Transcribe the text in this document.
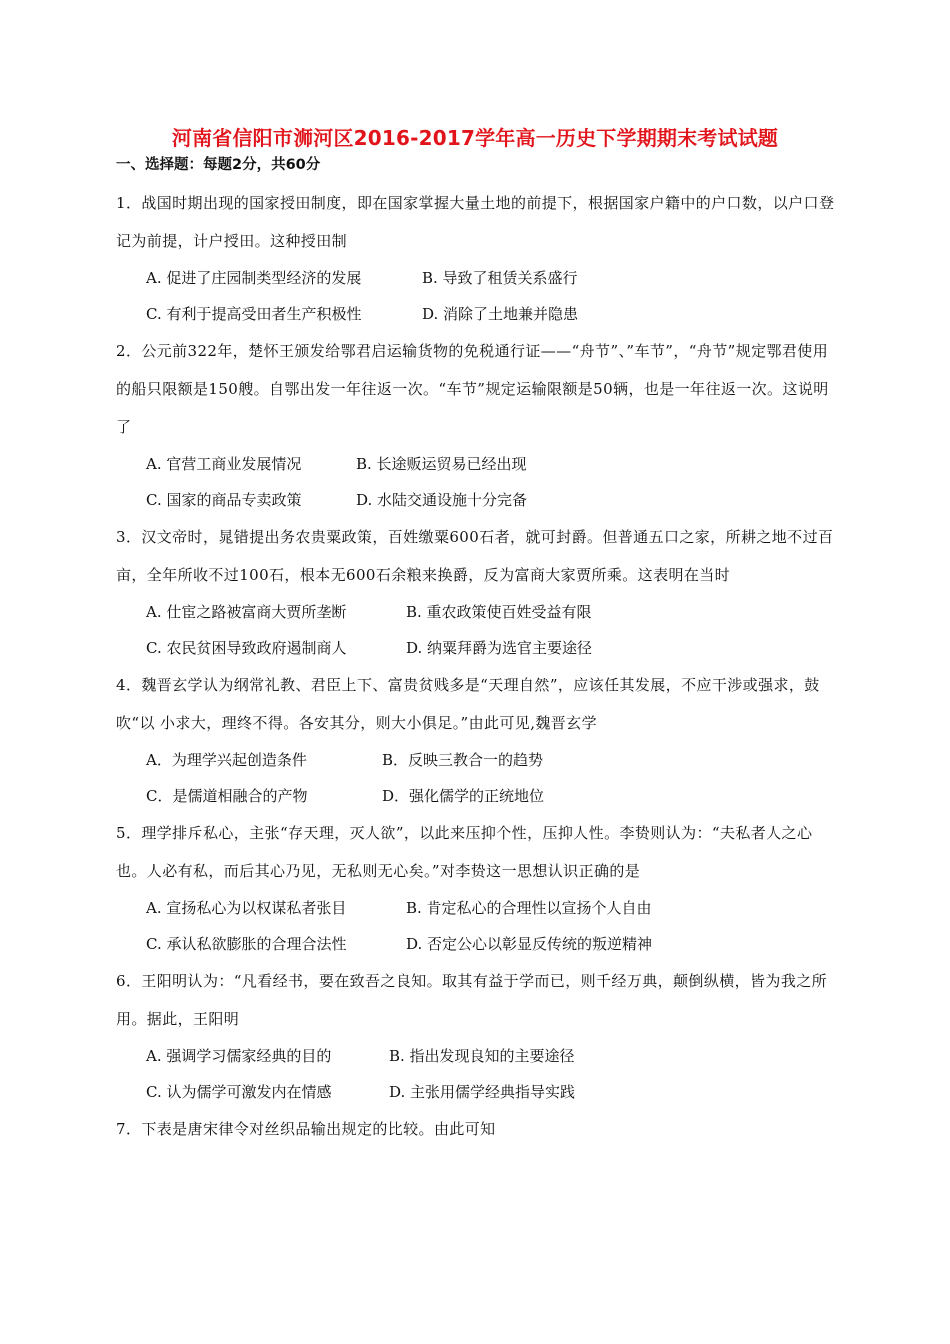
河南省信阳市浉河区2016-2017学年高一历史下学期期末考试试题
一、选择题：每题2分，共60分

1．战国时期出现的国家授田制度，即在国家掌握大量土地的前提下，根据国家户籍中的户口数，以户口登记为前提，计户授田。这种授田制

A. 促进了庄园制类型经济的发展	B. 导致了租赁关系盛行
C. 有利于提高受田者生产积极性	D. 消除了土地兼并隐患

2．公元前322年，楚怀王颁发给鄂君启运输货物的免税通行证——“舟节”、”车节”，“舟节”规定鄂君使用的船只限额是150艘。自鄂出发一年往返一次。“车节”规定运输限额是50辆，也是一年往返一次。这说明了

A. 官营工商业发展情况	B. 长途贩运贸易已经出现
C. 国家的商品专卖政策	D. 水陆交通设施十分完备

3．汉文帝时，晁错提出务农贵粟政策，百姓缴粟600石者，就可封爵。但普通五口之家，所耕之地不过百亩，全年所收不过100石，根本无600石余粮来换爵，反为富商大家贾所乘。这表明在当时

A. 仕宦之路被富商大贾所垄断	B. 重农政策使百姓受益有限
C. 农民贫困导致政府遏制商人	D. 纳粟拜爵为选官主要途径

4．魏晋玄学认为纲常礼教、君臣上下、富贵贫贱多是“天理自然”，应该任其发展，不应干涉或强求，鼓吹“以 小求大，理终不得。各安其分，则大小俱足。”由此可见,魏晋玄学

A．为理学兴起创造条件	B．反映三教合一的趋势
C．是儒道相融合的产物	D．强化儒学的正统地位

5．理学排斥私心，主张“存天理，灭人欲”，以此来压抑个性，压抑人性。李贽则认为：“夫私者人之心也。人必有私，而后其心乃见，无私则无心矣。”对李贽这一思想认识正确的是

A. 宣扬私心为以权谋私者张目	B. 肯定私心的合理性以宣扬个人自由
C. 承认私欲膨胀的合理合法性	D. 否定公心以彰显反传统的叛逆精神

6．王阳明认为：“凡看经书，要在致吾之良知。取其有益于学而已，则千经万典，颠倒纵横，皆为我之所用。据此，王阳明

A. 强调学习儒家经典的目的	B. 指出发现良知的主要途径
C. 认为儒学可激发内在情感	D. 主张用儒学经典指导实践

7．下表是唐宋律令对丝织品输出规定的比较。由此可知
